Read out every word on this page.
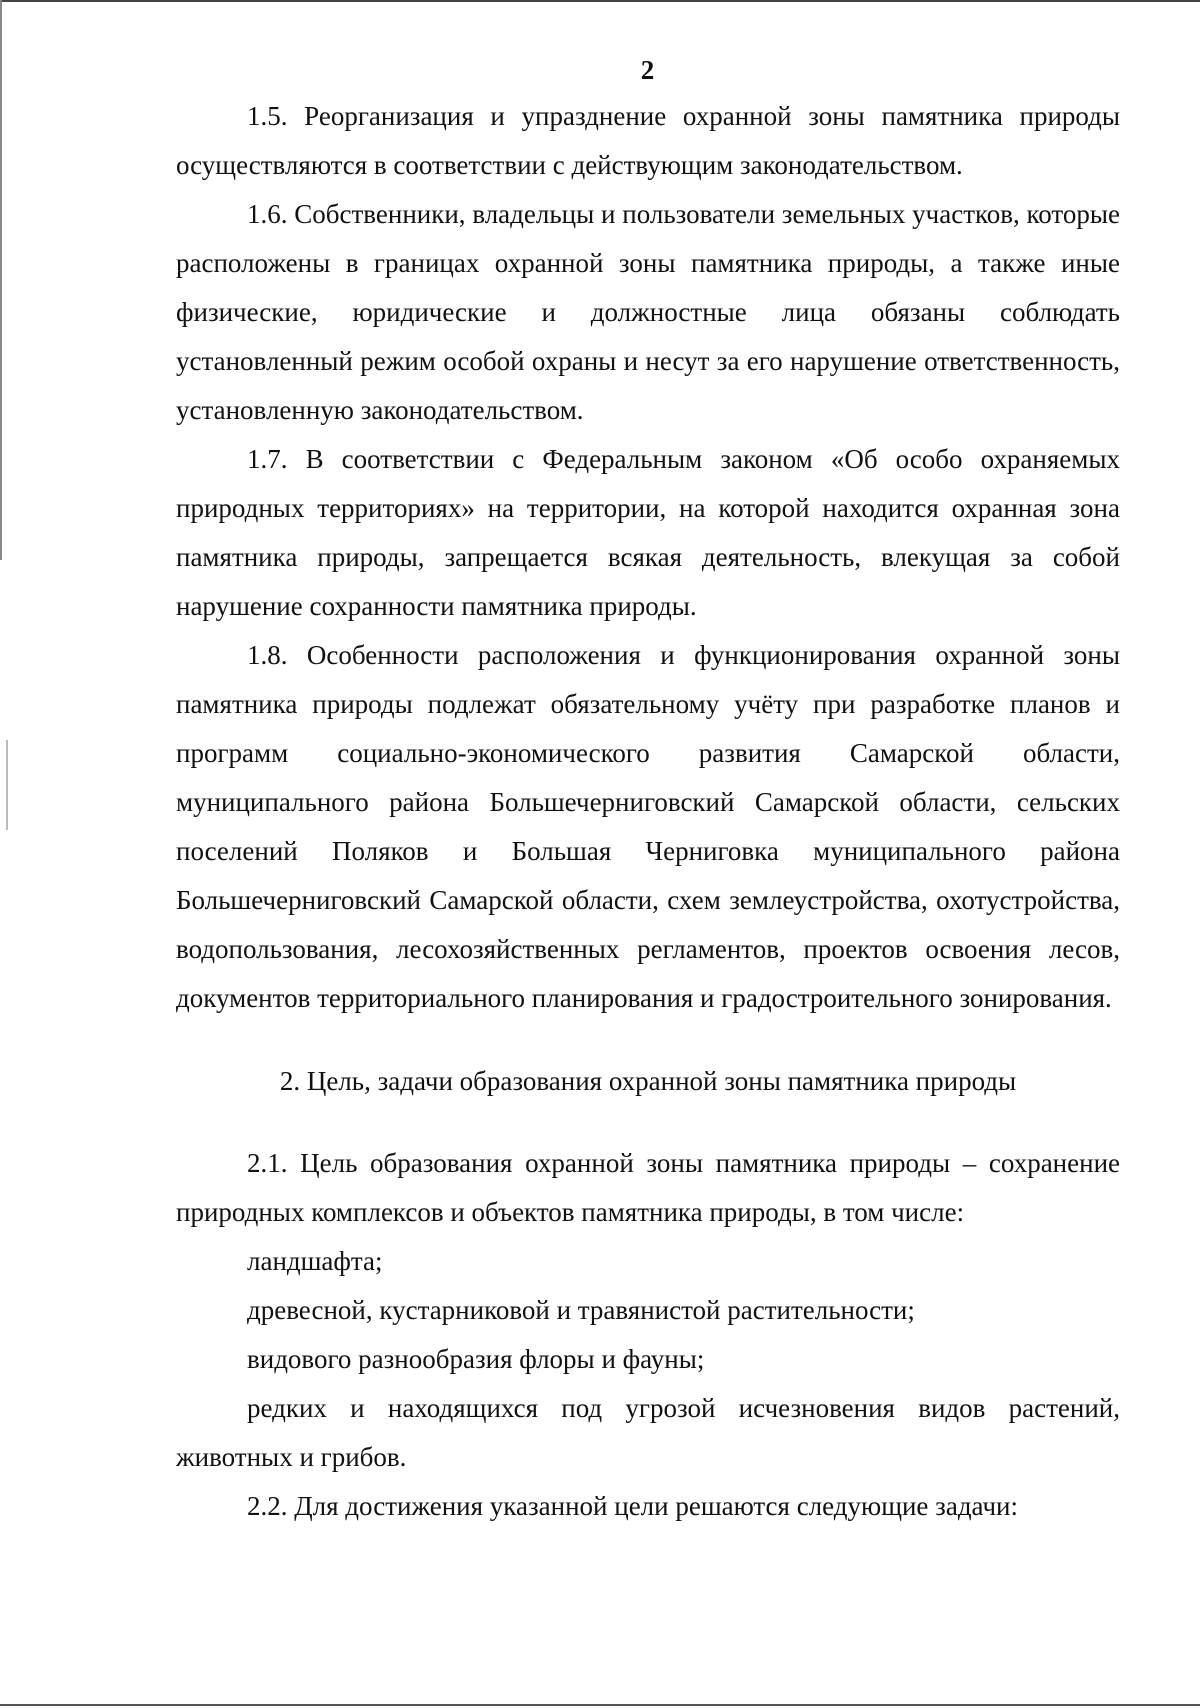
2

1.5. Реорганизация и упразднение охранной зоны памятника природы осуществляются в соответствии с действующим законодательством.

1.6. Собственники, владельцы и пользователи земельных участков, которые расположены в границах охранной зоны памятника природы, а также иные физические, юридические и должностные лица обязаны соблюдать установленный режим особой охраны и несут за его нарушение ответственность, установленную законодательством.

1.7. В соответствии с Федеральным законом «Об особо охраняемых природных территориях» на территории, на которой находится охранная зона памятника природы, запрещается всякая деятельность, влекущая за собой нарушение сохранности памятника природы.

1.8. Особенности расположения и функционирования охранной зоны памятника природы подлежат обязательному учёту при разработке планов и программ социально-экономического развития Самарской области, муниципального района Большечерниговский Самарской области, сельских поселений Поляков и Большая Черниговка муниципального района Большечерниговский Самарской области, схем землеустройства, охотустройства, водопользования, лесохозяйственных регламентов, проектов освоения лесов, документов территориального планирования и градостроительного зонирования.

2. Цель, задачи образования охранной зоны памятника природы

2.1. Цель образования охранной зоны памятника природы – сохранение природных комплексов и объектов памятника природы, в том числе:

ландшафта;

древесной, кустарниковой и травянистой растительности;

видового разнообразия флоры и фауны;

редких и находящихся под угрозой исчезновения видов растений, животных и грибов.

2.2. Для достижения указанной цели решаются следующие задачи:
